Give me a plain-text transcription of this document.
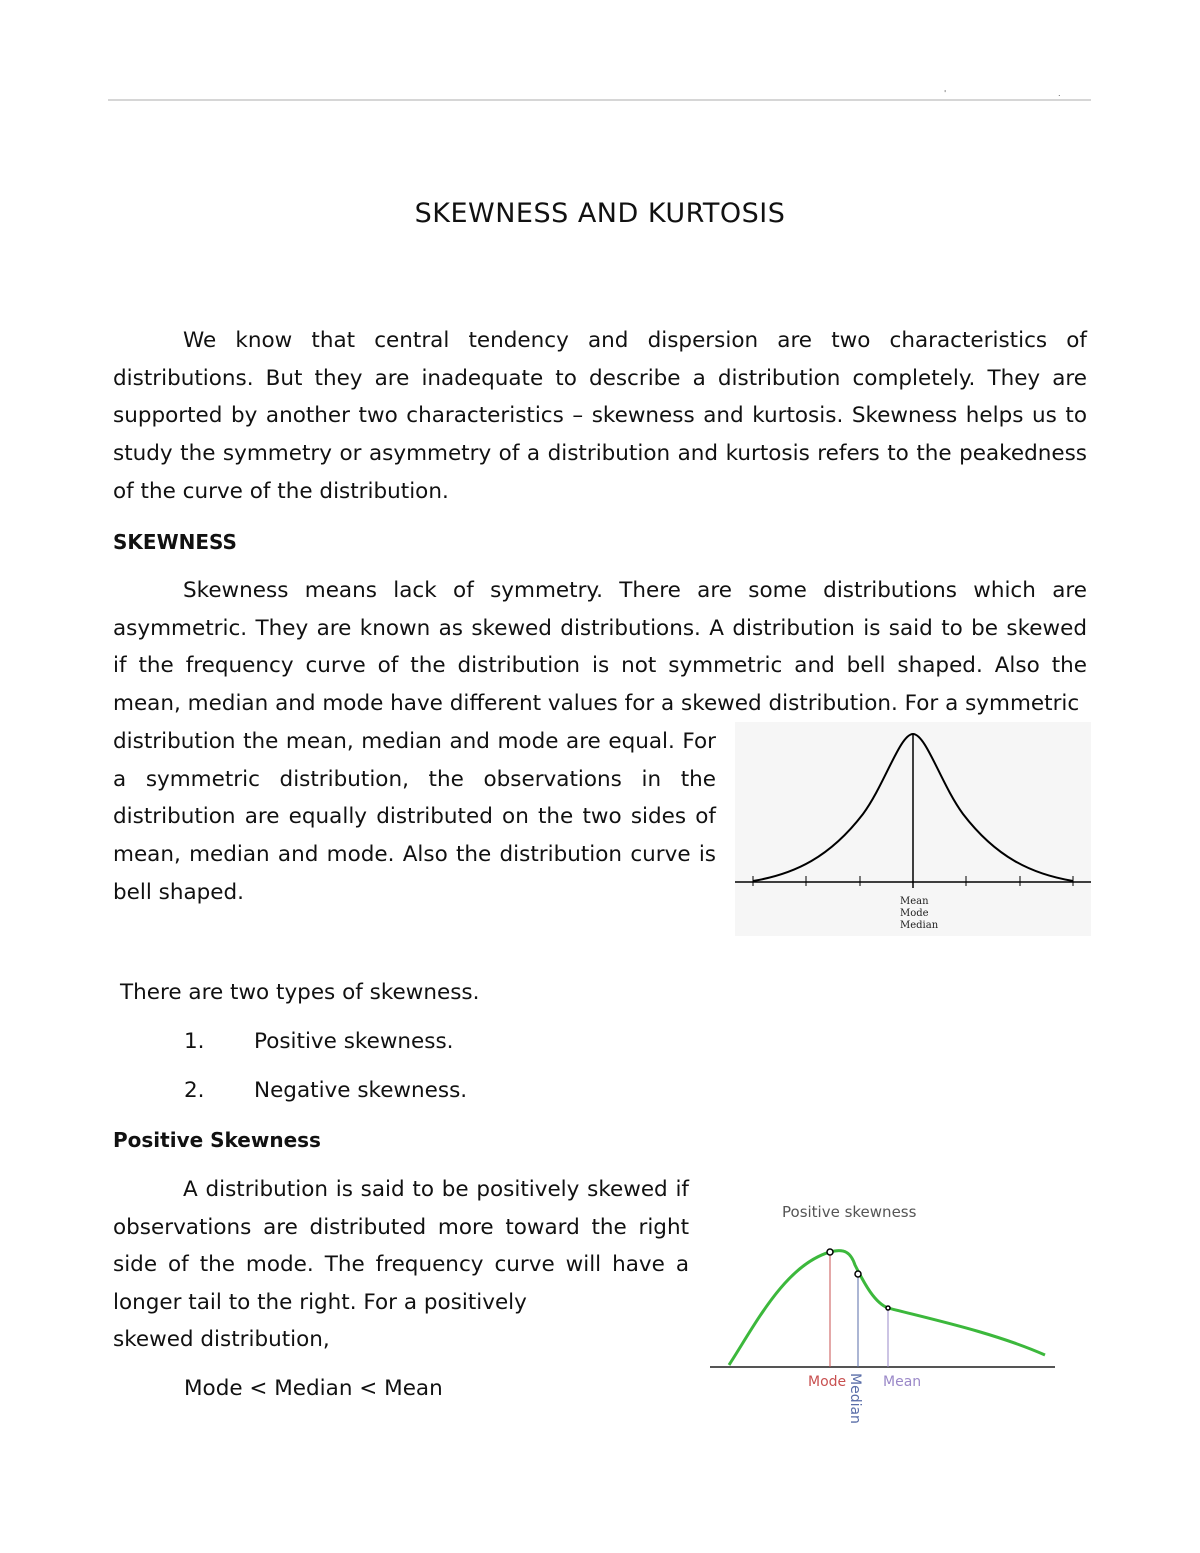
'	.
SKEWNESS AND KURTOSIS

We know that central tendency and dispersion are two characteristics of distributions. But they are inadequate to describe a distribution completely. They are supported by another two characteristics – skewness and kurtosis. Skewness helps us to study the symmetry or asymmetry of a distribution and kurtosis refers to the peakedness of the curve of the distribution.

SKEWNESS

Skewness means lack of symmetry. There are some distributions which are asymmetric. They are known as skewed distributions. A distribution is said to be skewed if the frequency curve of the distribution is not symmetric and bell shaped. Also the mean, median and mode have different values for a skewed distribution. For a symmetric

distribution the mean, median and mode are equal. For a symmetric distribution, the observations in the distribution are equally distributed on the two sides of mean, median and mode. Also the distribution curve is bell shaped.	Mean
Mode
Median

There are two types of skewness.

1. Positive skewness.

2. Negative skewness.

Positive Skewness

A distribution is said to be positively skewed if observations are distributed more toward the right side of the mode. The frequency curve will have a longer tail to the right. For a positively

skewed distribution,

Mode < Median < Mean

Positive skewness
Mode	Mean
Median
